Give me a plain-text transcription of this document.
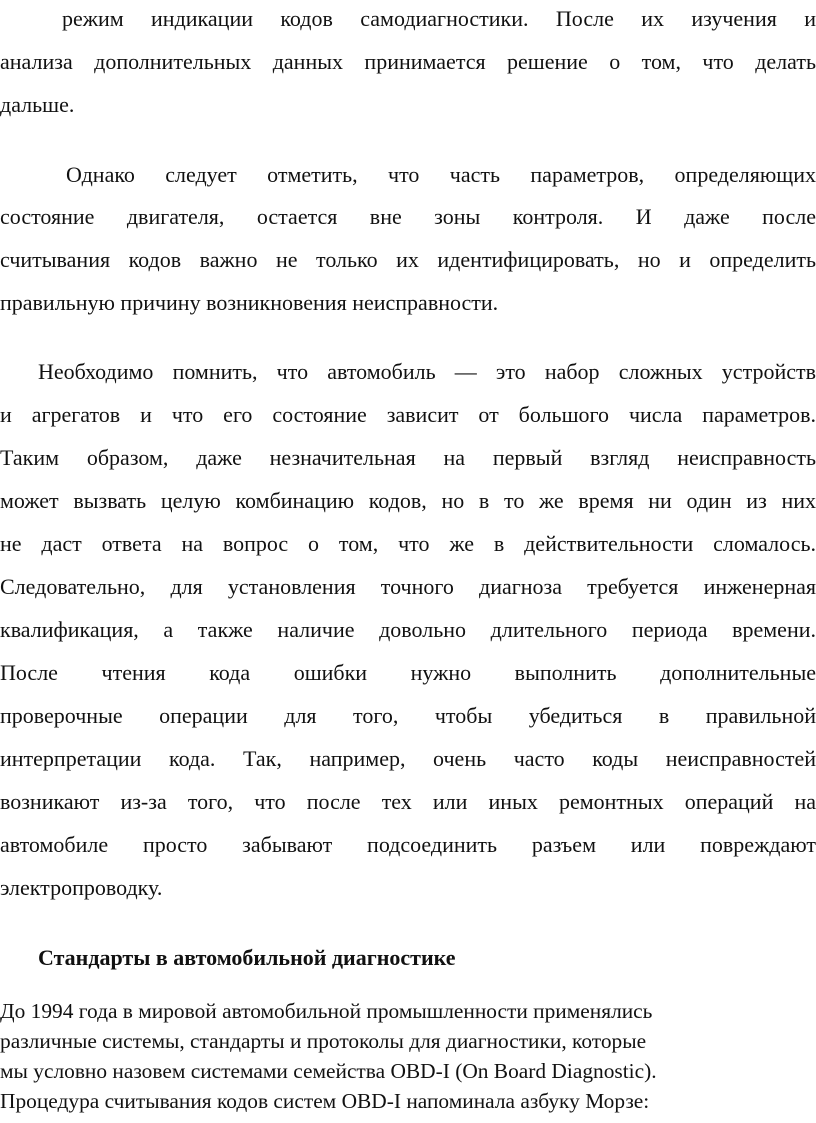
режим индикации кодов самодиагностики. После их изучения и

анализа дополнительных данных принимается решение о том, что делать

дальше.

Однако следует отметить, что часть параметров, определяющих

состояние двигателя, остается вне зоны контроля. И даже после

считывания кодов важно не только их идентифицировать, но и определить

правильную причину возникновения неисправности.

Необходимо помнить, что автомобиль — это набор сложных устройств

и агрегатов и что его состояние зависит от большого числа параметров.

Таким образом, даже незначительная на первый взгляд неисправность

может вызвать целую комбинацию кодов, но в то же время ни один из них

не даст ответа на вопрос о том, что же в действительности сломалось.

Следовательно, для установления точного диагноза требуется инженерная

квалификация, а также наличие довольно длительного периода времени.

После чтения кода ошибки нужно выполнить дополнительные

проверочные операции для того, чтобы убедиться в правильной

интерпретации кода. Так, например, очень часто коды неисправностей

возникают из-за того, что после тех или иных ремонтных операций на

автомобиле просто забывают подсоединить разъем или повреждают

электропроводку.

Стандарты в автомобильной диагностике

До 1994 года в мировой автомобильной промышленности применялись

различные системы, стандарты и протоколы для диагностики, которые

мы условно назовем системами семейства OBD-I (On Board Diagnostic).

Процедура считывания кодов систем OBD-I напоминала азбуку Морзе:
